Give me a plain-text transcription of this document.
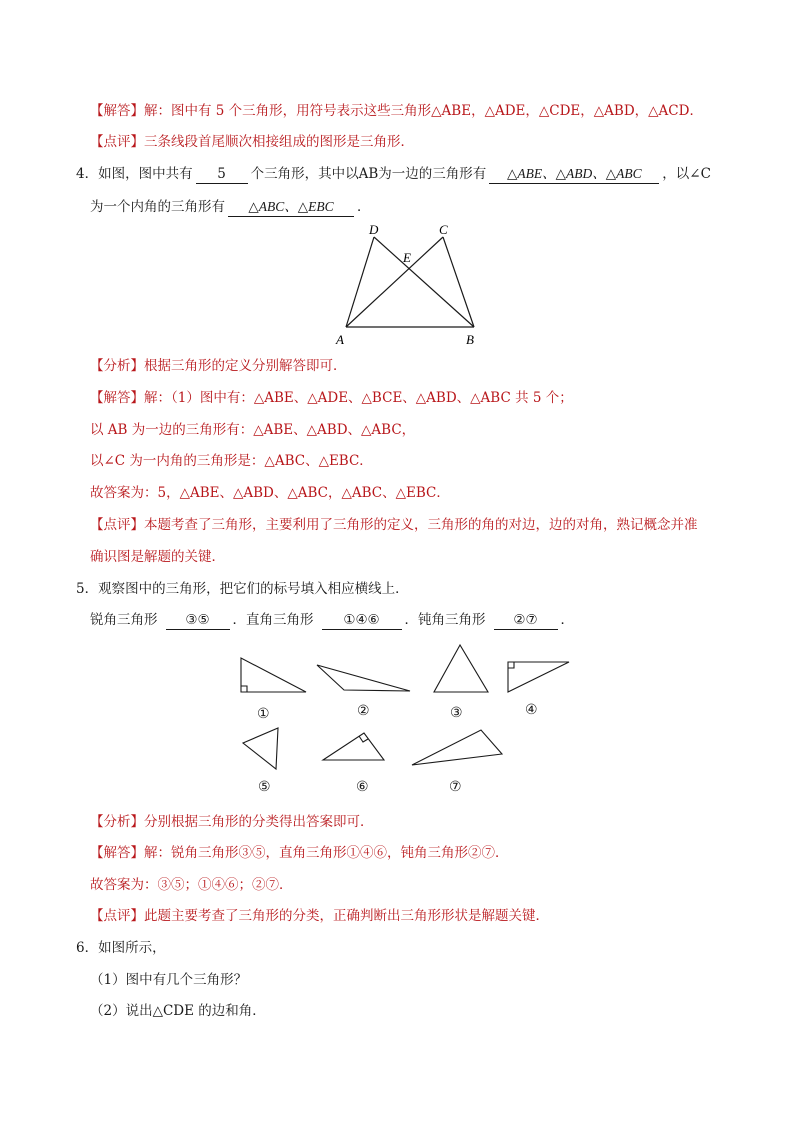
【解答】解：图中有 5 个三角形，用符号表示这些三角形△ABE，△ADE，△CDE，△ABD，△ACD．
【点评】三条线段首尾顺次相接组成的图形是三角形．
4．如图，图中共有 5 个三角形，其中以AB为一边的三角形有 △ABE、△ABD、△ABC ，以∠C
为一个内角的三角形有 △ABC、△EBC ．
A	B
C
D
E
【分析】根据三角形的定义分别解答即可．
【解答】解：（1）图中有：△ABE、△ADE、△BCE、△ABD、△ABC 共 5 个；
以 AB 为一边的三角形有：△ABE、△ABD、△ABC，
以∠C 为一内角的三角形是：△ABC、△EBC．
故答案为：5，△ABE、△ABD、△ABC，△ABC、△EBC．
【点评】本题考查了三角形，主要利用了三角形的定义，三角形的角的对边，边的对角，熟记概念并准
确识图是解题的关键．
5．观察图中的三角形，把它们的标号填入相应横线上．
锐角三角形 ③⑤ ．直角三角形 ①④⑥ ．钝角三角形 ②⑦ ．
①	②	③	④
⑤	⑥	⑦
【分析】分别根据三角形的分类得出答案即可．
【解答】解：锐角三角形③⑤，直角三角形①④⑥，钝角三角形②⑦．
故答案为：③⑤；①④⑥；②⑦．
【点评】此题主要考查了三角形的分类，正确判断出三角形形状是解题关键．
6．如图所示，
（1）图中有几个三角形？
（2）说出△CDE 的边和角．
